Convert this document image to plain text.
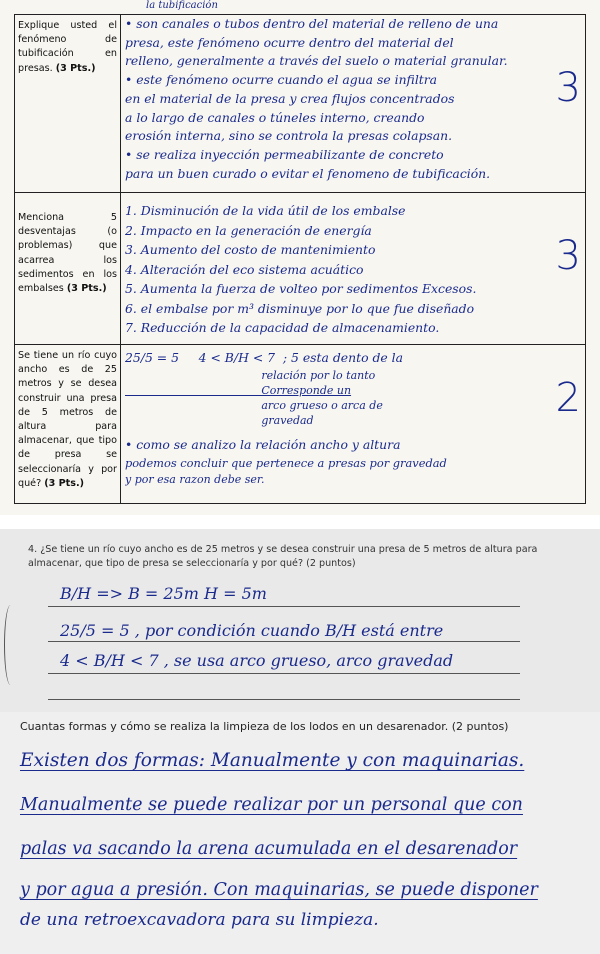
la tubificación
Explique usted el fenómeno de tubificación en presas. (3 Pts.)
• son canales o tubos dentro del material de relleno de una
presa, este fenómeno ocurre dentro del material del
relleno, generalmente a través del suelo o material granular.
• este fenómeno ocurre cuando el agua se infiltra
en el material de la presa y crea flujos concentrados
a lo largo de canales o túneles interno, creando
erosión interna, sino se controla la presas colapsan.
• se realiza inyección permeabilizante de concreto
para un buen curado o evitar el fenomeno de tubificación.
3
Menciona 5 desventajas (o problemas) que acarrea los sedimentos en los embalses (3 Pts.)
1. Disminución de la vida útil de los embalse
2. Impacto en la generación de energía
3. Aumento del costo de mantenimiento
4. Alteración del eco sistema acuático
5. Aumenta la fuerza de volteo por sedimentos Excesos.
6. el embalse por m³ disminuye por lo que fue diseñado
7. Reducción de la capacidad de almacenamiento.
3
Se tiene un río cuyo ancho es de 25 metros y se desea construir una presa de 5 metros de altura para almacenar, que tipo de presa se seleccionaría y por qué? (3 Pts.)
25/5 = 5     4 < B/H < 7  ; 5 esta dento de la
relación por lo tanto
Corresponde un
arco grueso o arca de
gravedad
• como se analizo la relación ancho y altura
podemos concluir que pertenece a presas por gravedad
y por esa razon debe ser.
2
4. ¿Se tiene un río cuyo ancho es de 25 metros y se desea construir una presa de 5 metros de altura para almacenar, que tipo de presa se seleccionaría y por qué? (2 puntos)
B/H => B = 25m H = 5m
25/5 = 5 , por condición cuando B/H está entre
4 < B/H < 7 , se usa arco grueso, arco gravedad
Cuantas formas y cómo se realiza la limpieza de los lodos en un desarenador. (2 puntos)
Existen dos formas: Manualmente y con maquinarias.
Manualmente se puede realizar por un personal que con
palas va sacando la arena acumulada en el desarenador
y por agua a presión. Con maquinarias, se puede disponer
de una retroexcavadora para su limpieza.
